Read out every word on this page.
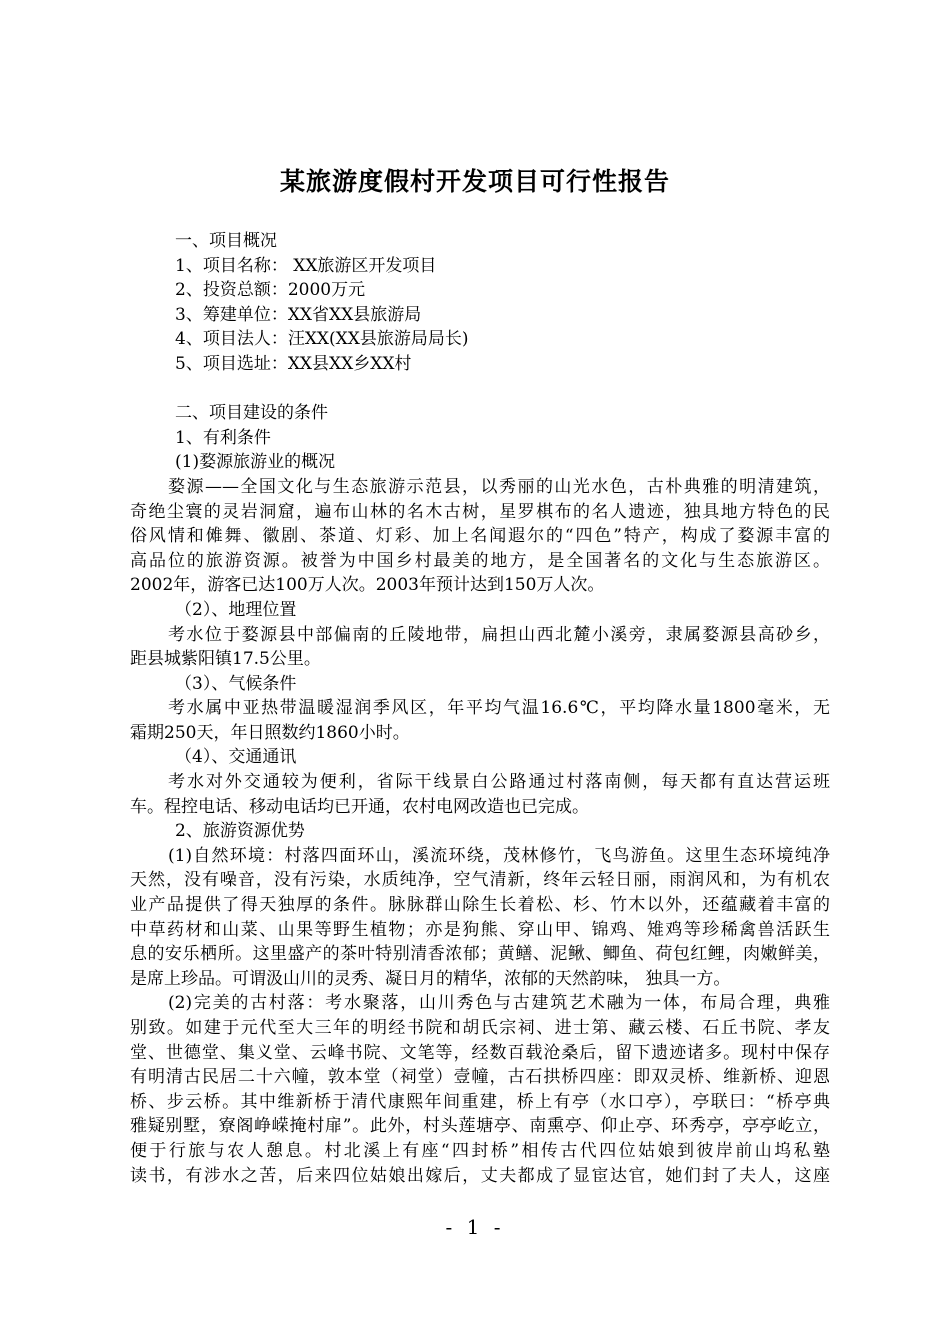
某旅游度假村开发项目可行性报告
一、项目概况
1、项目名称： XX旅游区开发项目
2、投资总额：2000万元
3、筹建单位：XX省XX县旅游局
4、项目法人：汪XX(XX县旅游局局长)
5、项目选址：XX县XX乡XX村
二、项目建设的条件
1、有利条件
(1)婺源旅游业的概况
婺源——全国文化与生态旅游示范县，以秀丽的山光水色，古朴典雅的明清建筑，
奇绝尘寰的灵岩洞窟，遍布山林的名木古树，星罗棋布的名人遗迹，独具地方特色的民
俗风情和傩舞、徽剧、茶道、灯彩、加上名闻遐尔的“四色”特产，构成了婺源丰富的
高品位的旅游资源。被誉为中国乡村最美的地方，是全国著名的文化与生态旅游区。
2002年，游客已达100万人次。2003年预计达到150万人次。
（2）、地理位置
考水位于婺源县中部偏南的丘陵地带，扁担山西北麓小溪旁，隶属婺源县高砂乡，
距县城紫阳镇17.5公里。
（3）、气候条件
考水属中亚热带温暖湿润季风区，年平均气温16.6℃，平均降水量1800毫米，无
霜期250天，年日照数约1860小时。
（4）、交通通讯
考水对外交通较为便利，省际干线景白公路通过村落南侧，每天都有直达营运班
车。程控电话、移动电话均已开通，农村电网改造也已完成。
2、旅游资源优势
(1)自然环境：村落四面环山，溪流环绕，茂林修竹，飞鸟游鱼。这里生态环境纯净
天然，没有噪音，没有污染，水质纯净，空气清新，终年云轻日丽，雨润风和，为有机农
业产品提供了得天独厚的条件。脉脉群山除生长着松、杉、竹木以外，还蕴藏着丰富的
中草药材和山菜、山果等野生植物；亦是狗熊、穿山甲、锦鸡、雉鸡等珍稀禽兽活跃生
息的安乐栖所。这里盛产的茶叶特别清香浓郁；黄鳝、泥鳅、鲫鱼、荷包红鲤，肉嫩鲜美，
是席上珍品。可谓汲山川的灵秀、凝日月的精华，浓郁的天然韵味， 独具一方。
(2)完美的古村落：考水聚落，山川秀色与古建筑艺术融为一体，布局合理，典雅
别致。如建于元代至大三年的明经书院和胡氏宗祠、进士第、藏云楼、石丘书院、孝友
堂、世德堂、集义堂、云峰书院、文笔等，经数百载沧桑后，留下遗迹诸多。现村中保存
有明清古民居二十六幢，敦本堂（祠堂）壹幢，古石拱桥四座：即双灵桥、维新桥、迎恩
桥、步云桥。其中维新桥于清代康熙年间重建，桥上有亭（水口亭），亭联曰：“桥亭典
雅疑别墅，寮阁峥嵘掩村扉”。此外，村头莲塘亭、南熏亭、仰止亭、环秀亭，亭亭屹立，
便于行旅与农人憩息。村北溪上有座“四封桥”相传古代四位姑娘到彼岸前山坞私塾
读书，有涉水之苦，后来四位姑娘出嫁后，丈夫都成了显宦达官，她们封了夫人，这座
- 1 -
